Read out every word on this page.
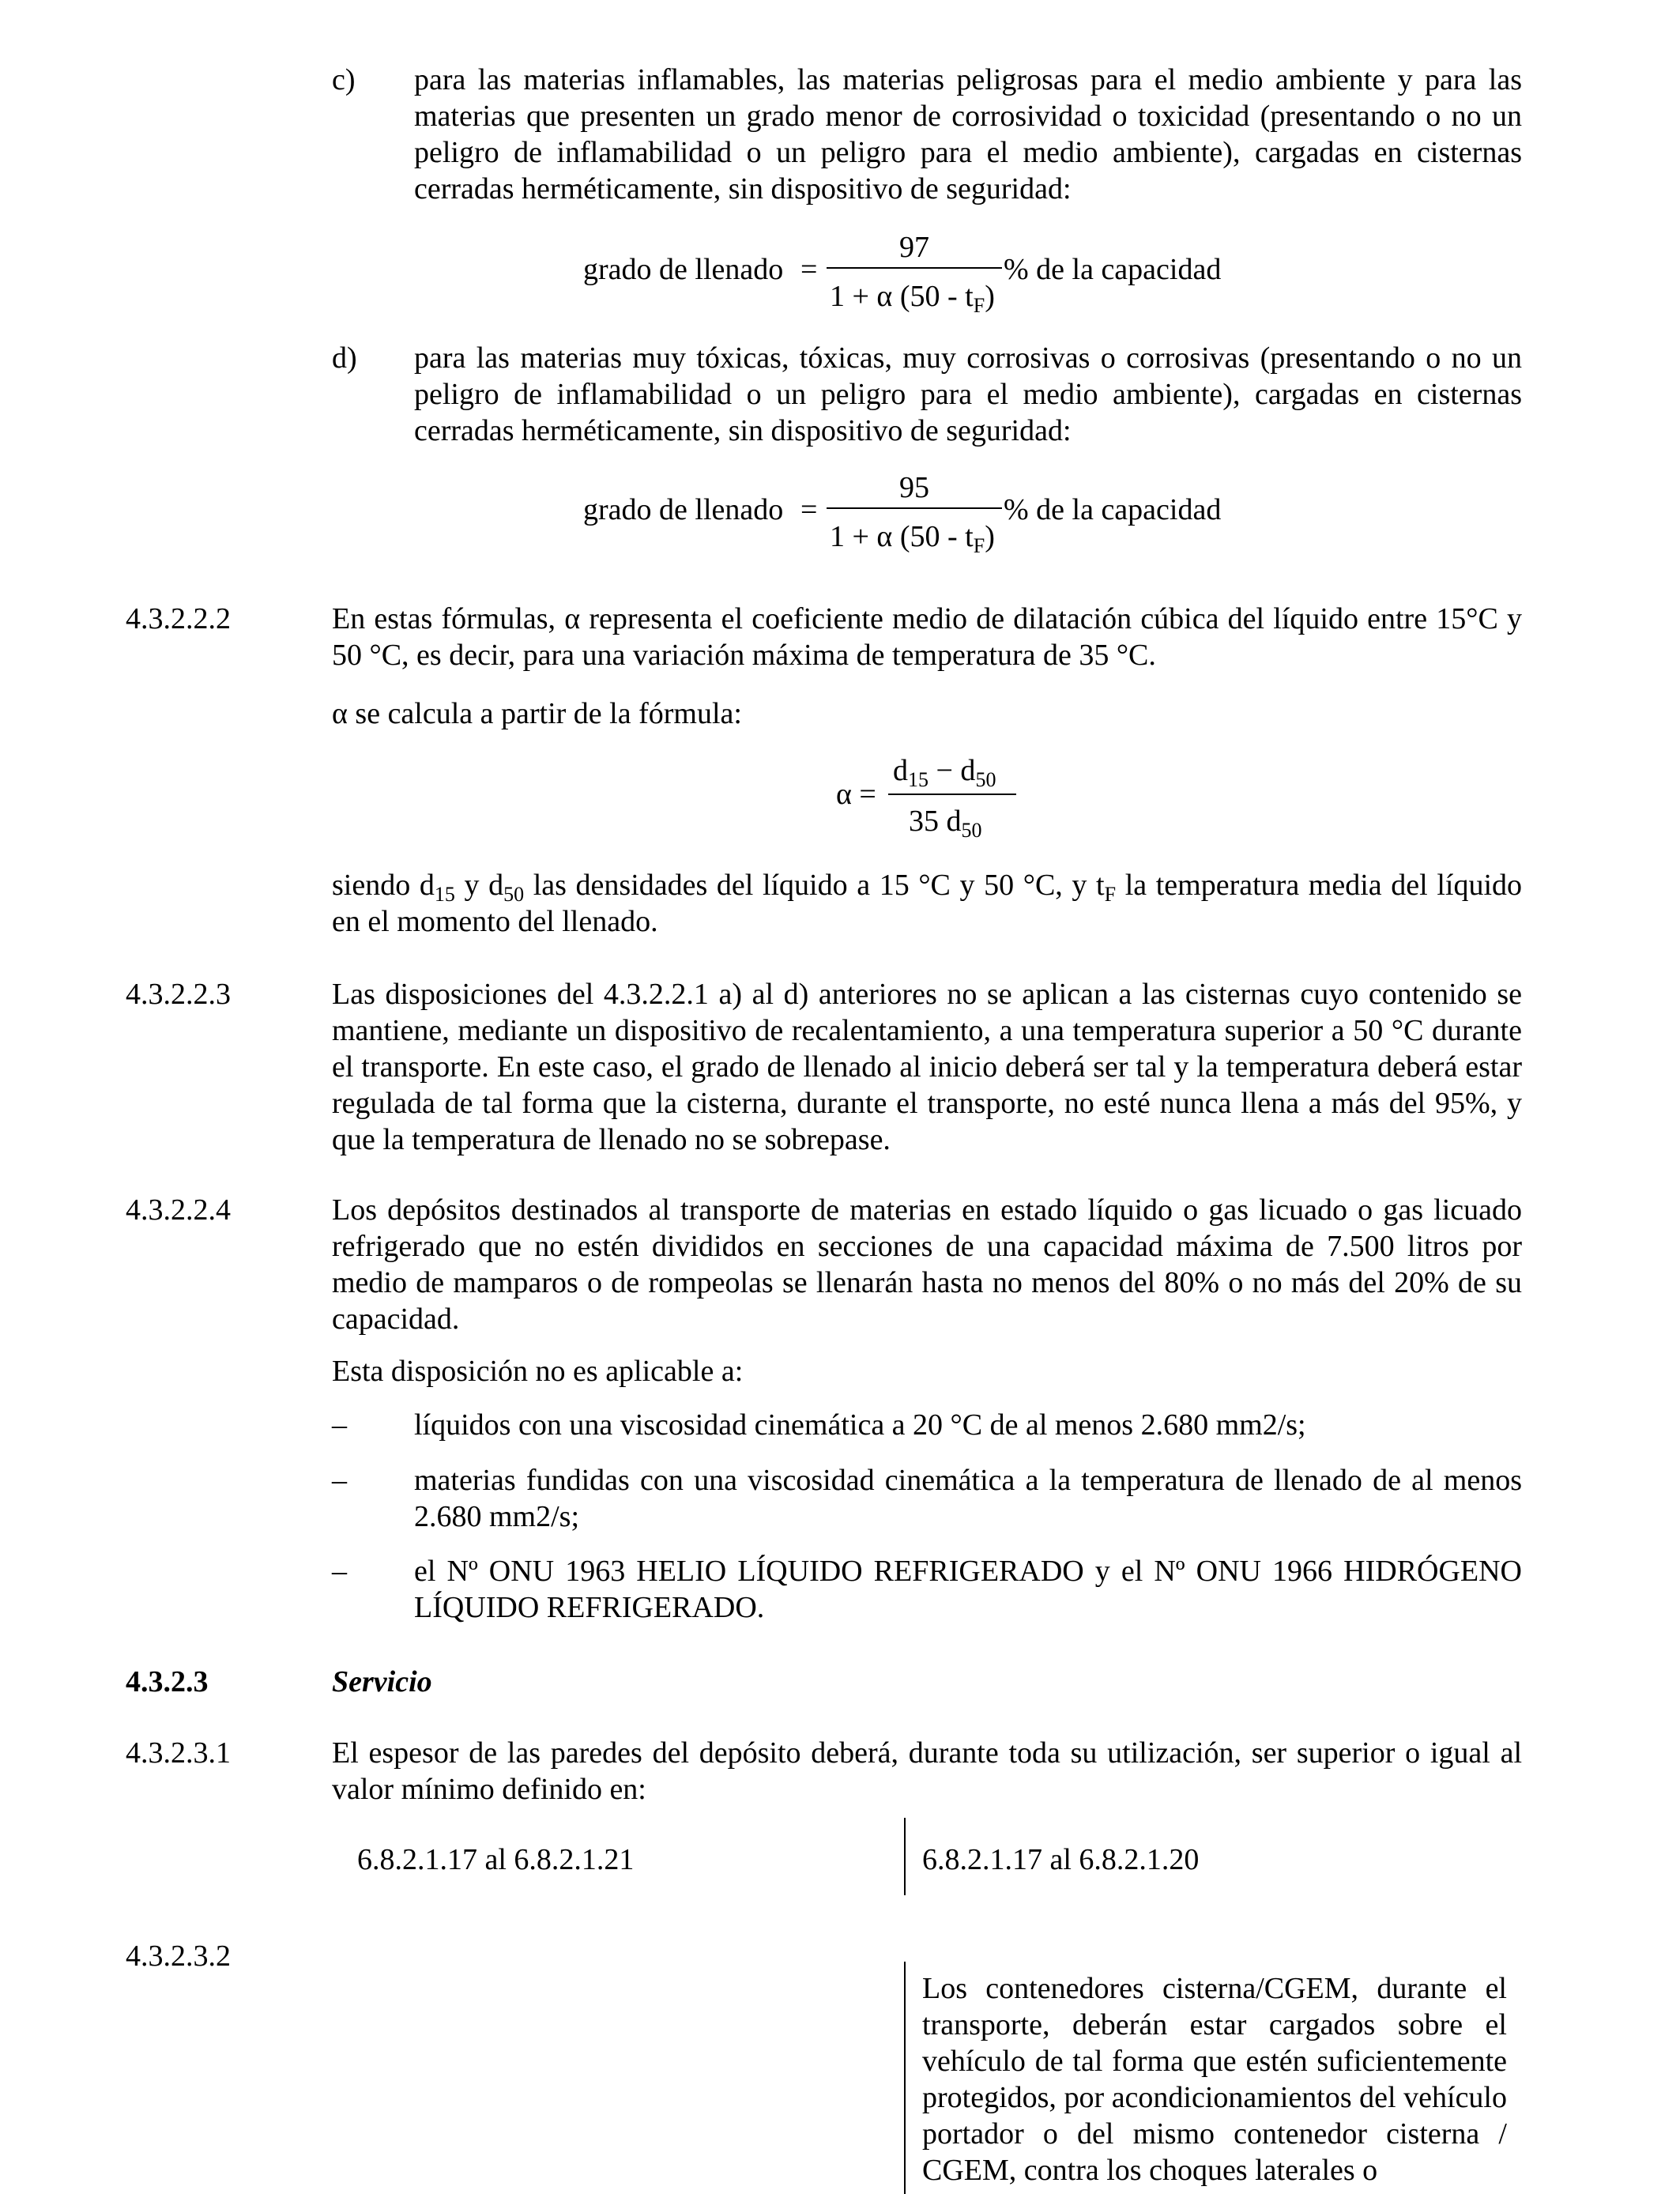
c) para las materias inflamables, las materias peligrosas para el medio ambiente y para las materias que presenten un grado menor de corrosividad o toxicidad (presentando o no un peligro de inflamabilidad o un peligro para el medio ambiente), cargadas en cisternas cerradas herméticamente, sin dispositivo de seguridad:
grado de llenado =
97
1 + α $(50 - t_F)$
% de la capacidad
d) para las materias muy tóxicas, tóxicas, muy corrosivas o corrosivas (presentando o no un peligro de inflamabilidad o un peligro para el medio ambiente), cargadas en cisternas cerradas herméticamente, sin dispositivo de seguridad:
grado de llenado =
95
1 + α $(50 - t_F)$
% de la capacidad
4.3.2.2.2	En estas fórmulas, α representa el coeficiente medio de dilatación cúbica del líquido entre 15°C y 50 °C, es decir, para una variación máxima de temperatura de 35 °C.
α se calcula a partir de la fórmula:
α =
$d_{15} - d_{50}$
35 $d_{50}$
siendo $d_{15}$ y $d_{50}$ las densidades del líquido a 15 °C y 50 °C, y $t_F$ la temperatura media del líquido en el momento del llenado.
4.3.2.2.3	Las disposiciones del 4.3.2.2.1 a) al d) anteriores no se aplican a las cisternas cuyo contenido se mantiene, mediante un dispositivo de recalentamiento, a una temperatura superior a 50 °C durante el transporte. En este caso, el grado de llenado al inicio deberá ser tal y la temperatura deberá estar regulada de tal forma que la cisterna, durante el transporte, no esté nunca llena a más del 95%, y que la temperatura de llenado no se sobrepase.
4.3.2.2.4	Los depósitos destinados al transporte de materias en estado líquido o gas licuado o gas licuado refrigerado que no estén divididos en secciones de una capacidad máxima de 7.500 litros por medio de mamparos o de rompeolas se llenarán hasta no menos del 80% o no más del 20% de su capacidad.
Esta disposición no es aplicable a:
– líquidos con una viscosidad cinemática a 20 °C de al menos 2.680 mm2/s;
– materias fundidas con una viscosidad cinemática a la temperatura de llenado de al menos 2.680 mm2/s;
– el Nº ONU 1963 HELIO LÍQUIDO REFRIGERADO y el Nº ONU 1966 HIDRÓGENO LÍQUIDO REFRIGERADO.
4.3.2.3	Servicio
4.3.2.3.1	El espesor de las paredes del depósito deberá, durante toda su utilización, ser superior o igual al valor mínimo definido en:
6.8.2.1.17 al 6.8.2.1.21	6.8.2.1.17 al 6.8.2.1.20
4.3.2.3.2
Los contenedores cisterna/CGEM, durante el transporte, deberán estar cargados sobre el vehículo de tal forma que estén suficientemente protegidos, por acondicionamientos del vehículo portador o del mismo contenedor cisterna / CGEM, contra los choques laterales o
